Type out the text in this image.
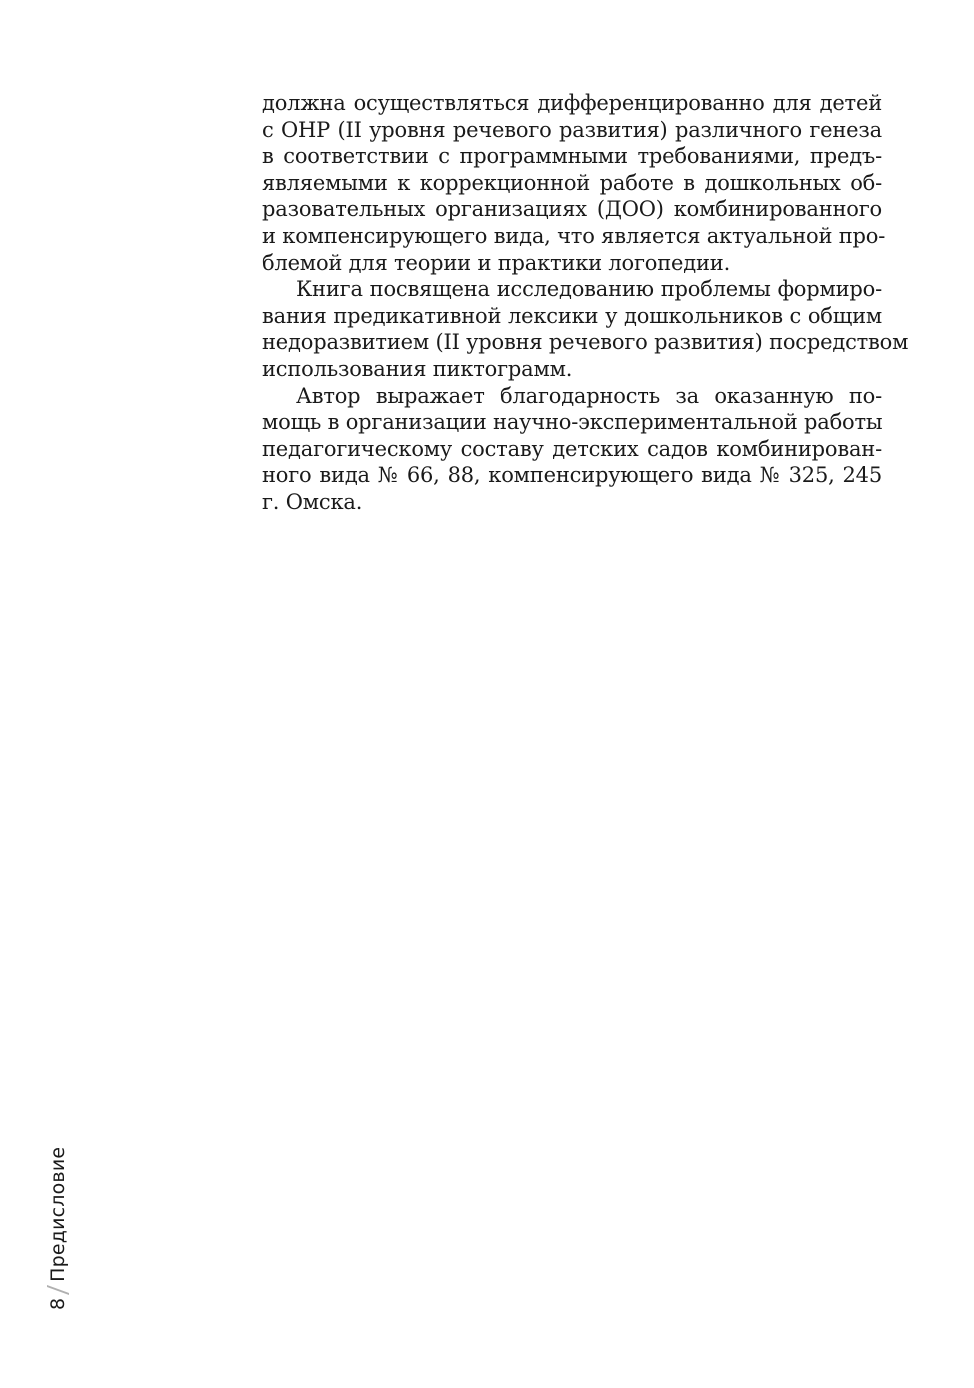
должна осуществляться дифференцированно для детей
с ОНР (II уровня речевого развития) различного генеза
в соответствии с программными требованиями, предъ-
являемыми к коррекционной работе в дошкольных об-
разовательных организациях (ДОО) комбинированного
и компенсирующего вида, что является актуальной про-
блемой для теории и практики логопедии.
Книга посвящена исследованию проблемы формиро-
вания предикативной лексики у дошкольников с общим
недоразвитием (II уровня речевого развития) посредством
использования пиктограмм.
Автор выражает благодарность за оказанную по-
мощь в организации научно-экспериментальной работы
педагогическому составу детских садов комбинирован-
ного вида № 66, 88, компенсирующего вида № 325, 245
г. Омска.
8
Предисловие
